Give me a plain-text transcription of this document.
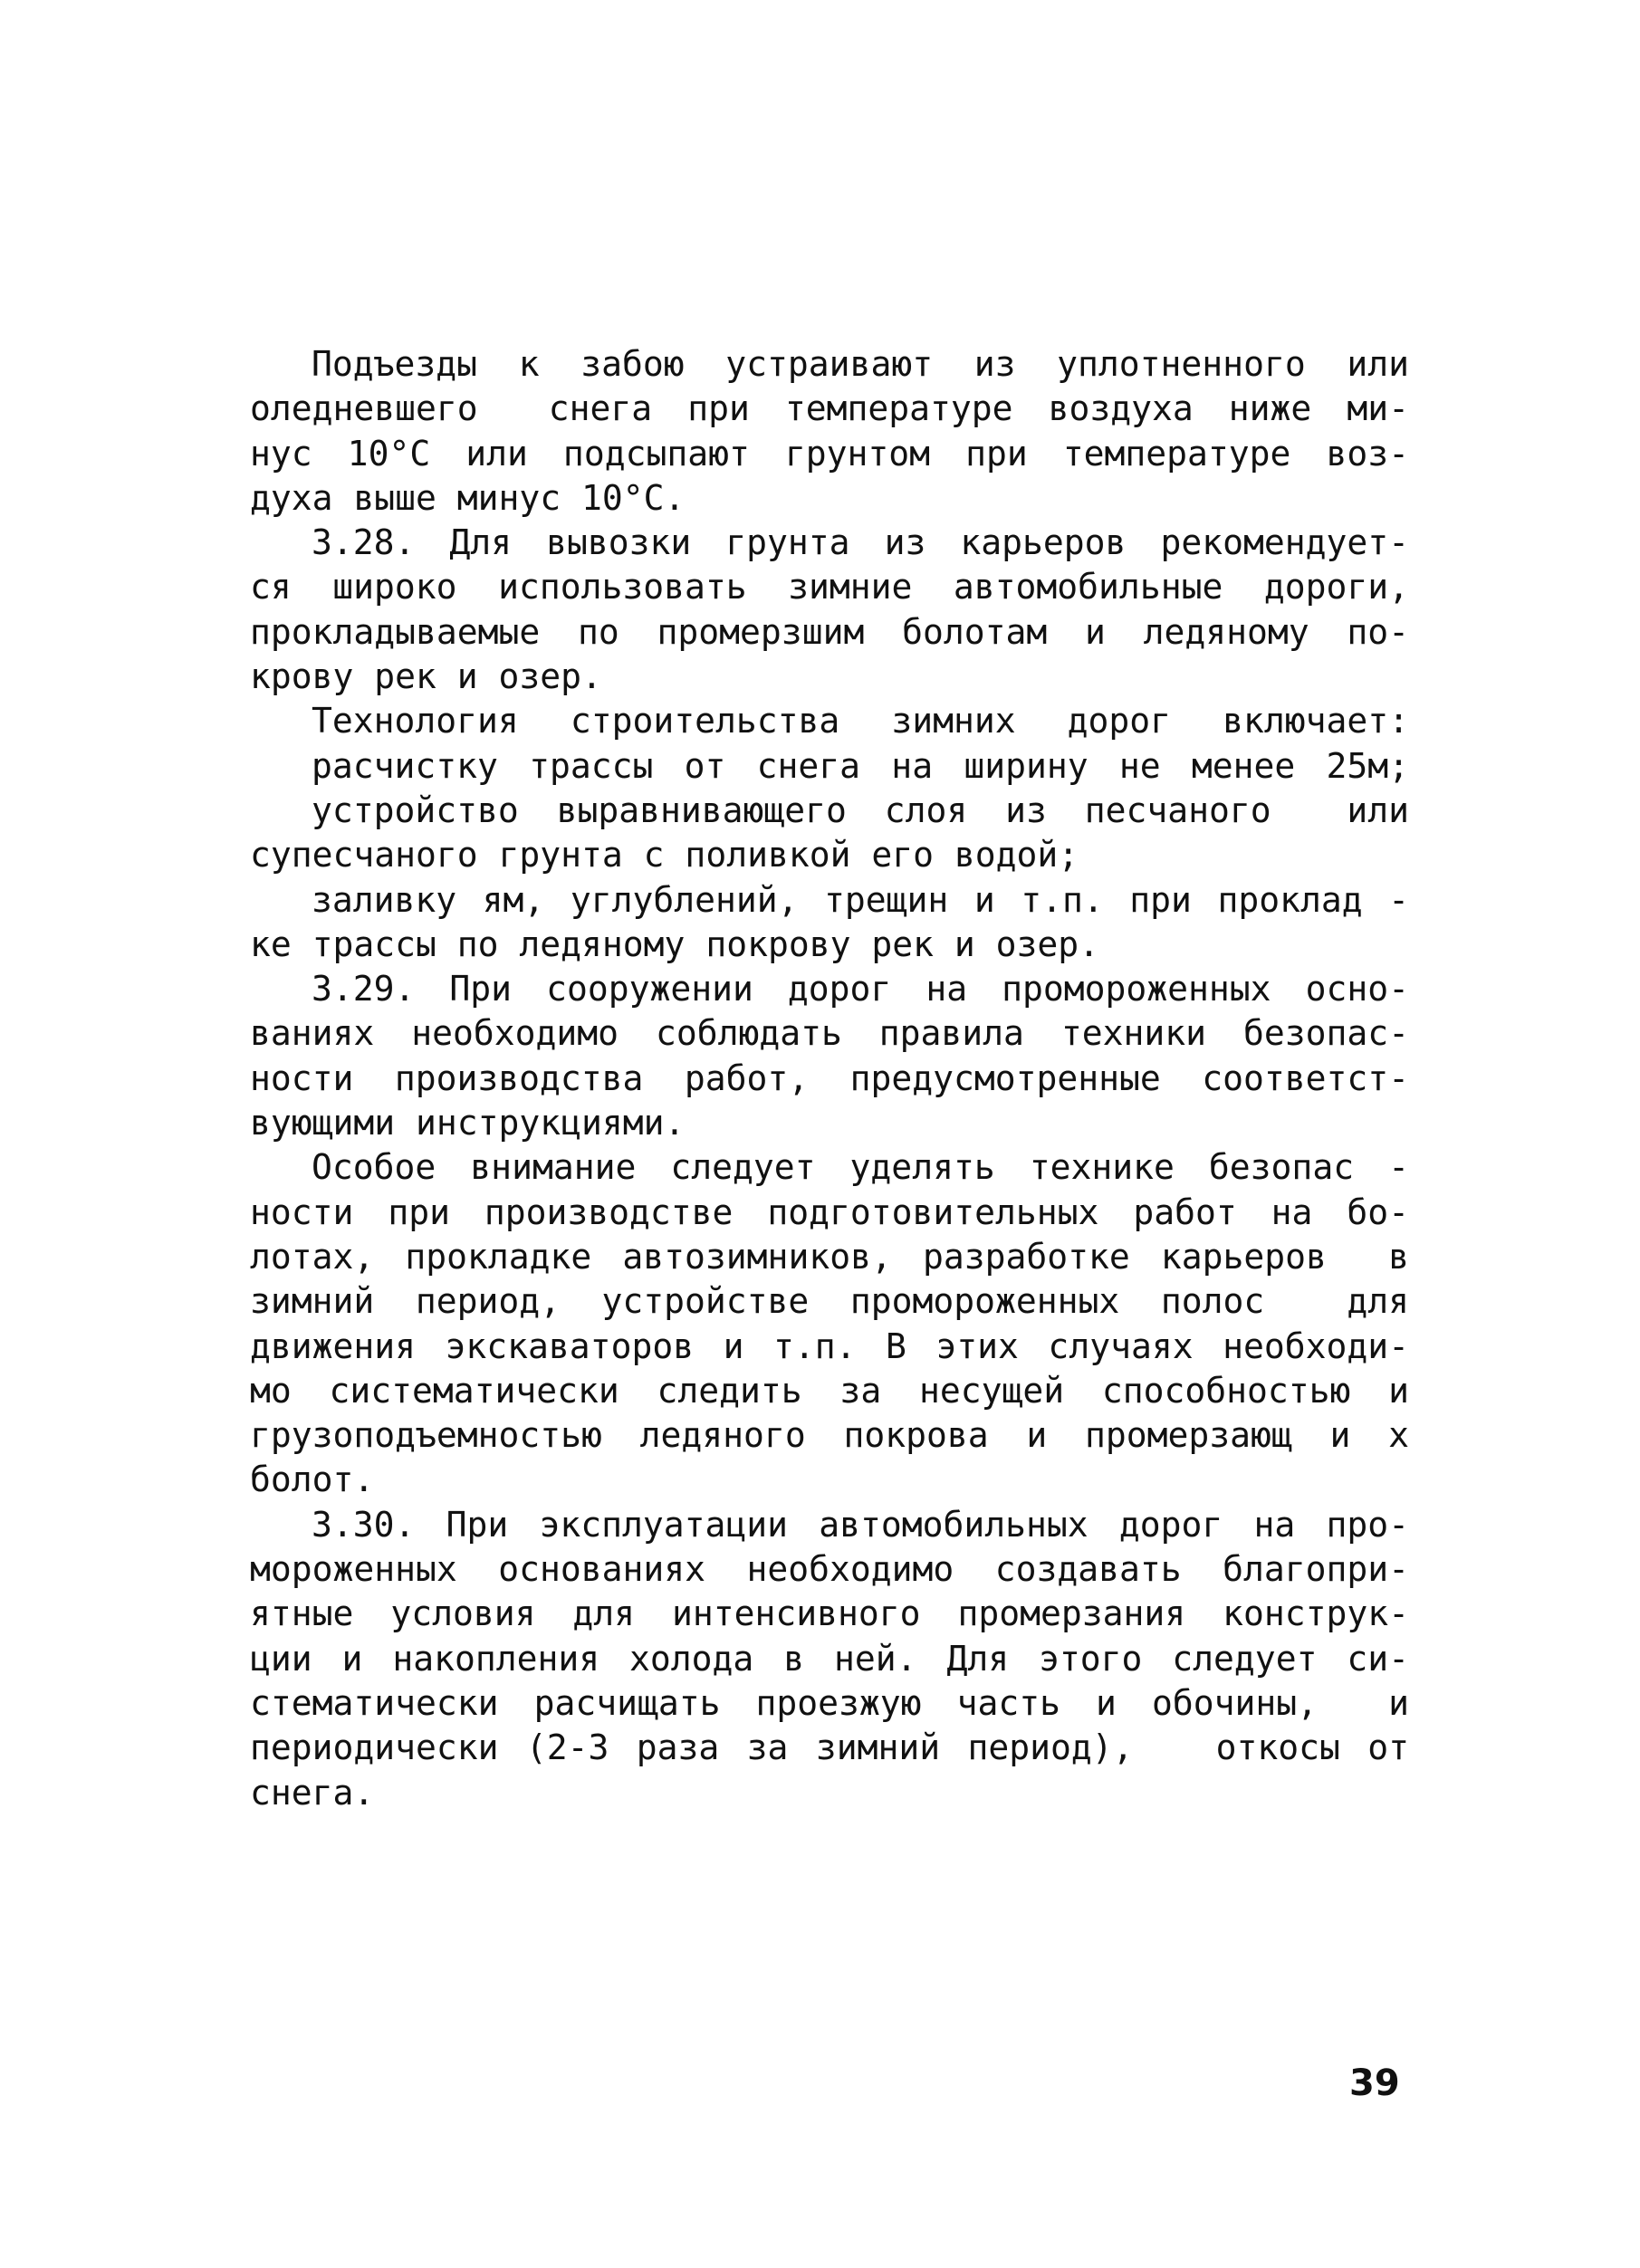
Подъезды к забою устраивают из уплотненного или
оледневшего  снега при температуре воздуха ниже ми-
нус 10°C или подсыпают грунтом при температуре воз-
духа выше минус 10°C.
3.28. Для вывозки грунта из карьеров рекомендует-
ся широко использовать зимние автомобильные дороги,
прокладываемые по промерзшим болотам и ледяному по-
крову рек и озер.
Технология строительства зимних дорог включает:
расчистку трассы от снега на ширину не менее 25м;
устройство выравнивающего слоя из песчаного  или
супесчаного грунта с поливкой его водой;
заливку ям, углублений, трещин и т.п. при проклад -
ке трассы по ледяному покрову рек и озер.
3.29. При сооружении дорог на промороженных осно-
ваниях необходимо соблюдать правила техники безопас-
ности производства работ, предусмотренные соответст-
вующими инструкциями.
Особое внимание следует уделять технике безопас -
ности при производстве подготовительных работ на бо-
лотах, прокладке автозимников, разработке карьеров  в
зимний период, устройстве промороженных полос  для
движения экскаваторов и т.п. В этих случаях необходи-
мо систематически следить за несущей способностью и
грузоподъемностью ледяного покрова и промерзающ и х
болот.
3.30. При эксплуатации автомобильных дорог на про-
мороженных основаниях необходимо создавать благопри-
ятные условия для интенсивного промерзания конструк-
ции и накопления холода в ней. Для этого следует си-
стематически расчищать проезжую часть и обочины,  и
периодически (2-3 раза за зимний период),   откосы от
снега.
39
